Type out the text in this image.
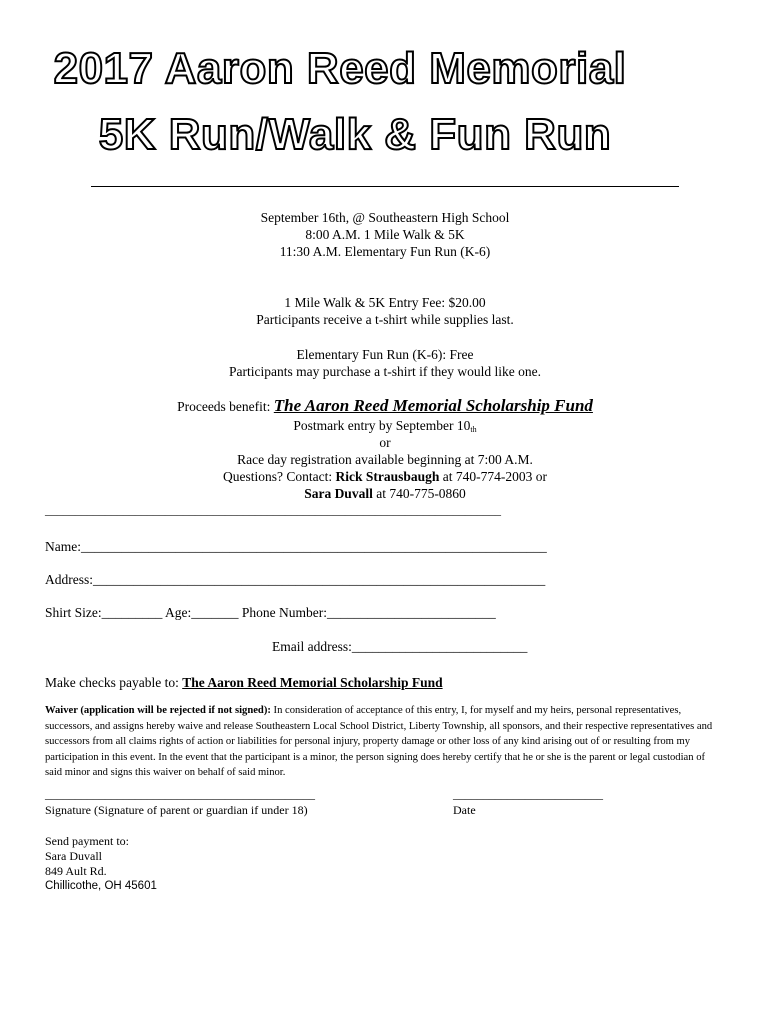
2017 Aaron Reed Memorial
5K Run/Walk & Fun Run
September 16th, @ Southeastern High School
8:00 A.M. 1 Mile Walk & 5K
11:30 A.M. Elementary Fun Run (K-6)
1 Mile Walk & 5K Entry Fee: $20.00
Participants receive a t-shirt while supplies last.
Elementary Fun Run (K-6): Free
Participants may purchase a t-shirt if they would like one.
Proceeds benefit: The Aaron Reed Memorial Scholarship Fund
Postmark entry by September 10th
or
Race day registration available beginning at 7:00 A.M.
Questions? Contact: Rick Strausbaugh at 740-774-2003 or
Sara Duvall at 740-775-0860
____________________________________________________________________________
Name:_____________________________________________________________________
Address:___________________________________________________________________
Shirt Size:_________ Age:_______ Phone Number:_________________________
Email address:__________________________
Make checks payable to: The Aaron Reed Memorial Scholarship Fund
Waiver (application will be rejected if not signed): In consideration of acceptance of this entry, I, for myself and my heirs, personal representatives, successors, and assigns hereby waive and release Southeastern Local School District, Liberty Township, all sponsors, and their respective representatives and successors from all claims rights of action or liabilities for personal injury, property damage or other loss of any kind arising out of or resulting from my participation in this event. In the event that the participant is a minor, the person signing does hereby certify that he or she is the parent or legal custodian of said minor and signs this waiver on behalf of said minor.
_____________________________________________
Signature (Signature of parent or guardian if under 18)
_________________________
Date
Send payment to:
Sara Duvall
849 Ault Rd.
Chillicothe, OH 45601
